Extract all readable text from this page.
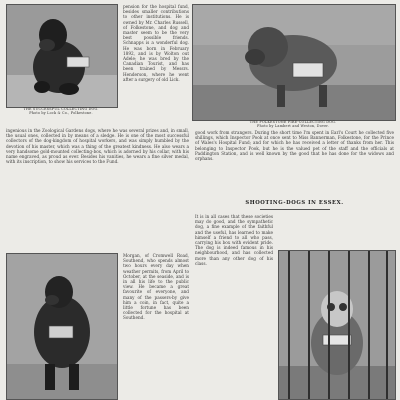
THE SUCCESSFUL COLLECTING DOG.
Photo by Lock & Co., Folkestone.
pension for the hospital fund, besides smaller contributions to other institutions. He is owned by Mr. Charles Russell, of Folkestone, and dog and master seem to be the very best possible friends. Schnapps is a wonderful dog. He was born in February 1892, and is by Wolton out Adele; he was bred by the Canadian Tourist, and has been trained by Messrs. Henderson, where he went after a surgery of old Lick.
THE FOLKESTONE FIRE-COLLECTING DOG.
Photo by Lambert and Weston, Dover.
ingenious in the Zoological Gardens dogs, where he was several prizes and, in small, the usual ones, collected in by means of a sledge. He is one of the most successful collectors of the dog-kingdom of hospital workers, and was simply humbled by the devotion of his master, which was a thing of the greatest kindness. He also wears a very handsome gold-mounted collecting-box, which is adorned by his collar, with his name engraved, as proud as ever. Besides his vanities, he wears a fine silver medal, with its inscription, to show his services to the Fund.
good work from strangers. During the short time I'm spent in Earl's Court he collected five shillings, which Inspector Pook at once sent to Miss Bannerman, Folkestone, for the Prince of Wales's Hospital Fund; and for which he has received a letter of thanks from her. This belonging to Inspector Pook, but he is the valued pet of the staff and the officials at Paddington Station, and is well known by the good that he has done for the widows and orphans.
SHOOTING-DOGS IN ESSEX.
Morgan, of Cromwell Road, Southend, who spends almost two hours every day when weather permits, from April to October, at the seaside, and is in all his life to the public view. He became a great favourite of everyone, and many of the passers-by give him a coin, in fact, quite a little fortune has been collected for the hospital at Southend.
It is in all cases that these societies may do good, and the sympathetic dog, a fine example of the faithful and the useful, has learned to make himself a friend to all who pass, carrying his box with evident pride. The dog is indeed famous in his neighbourhood, and has collected more than any other dog of his class.
